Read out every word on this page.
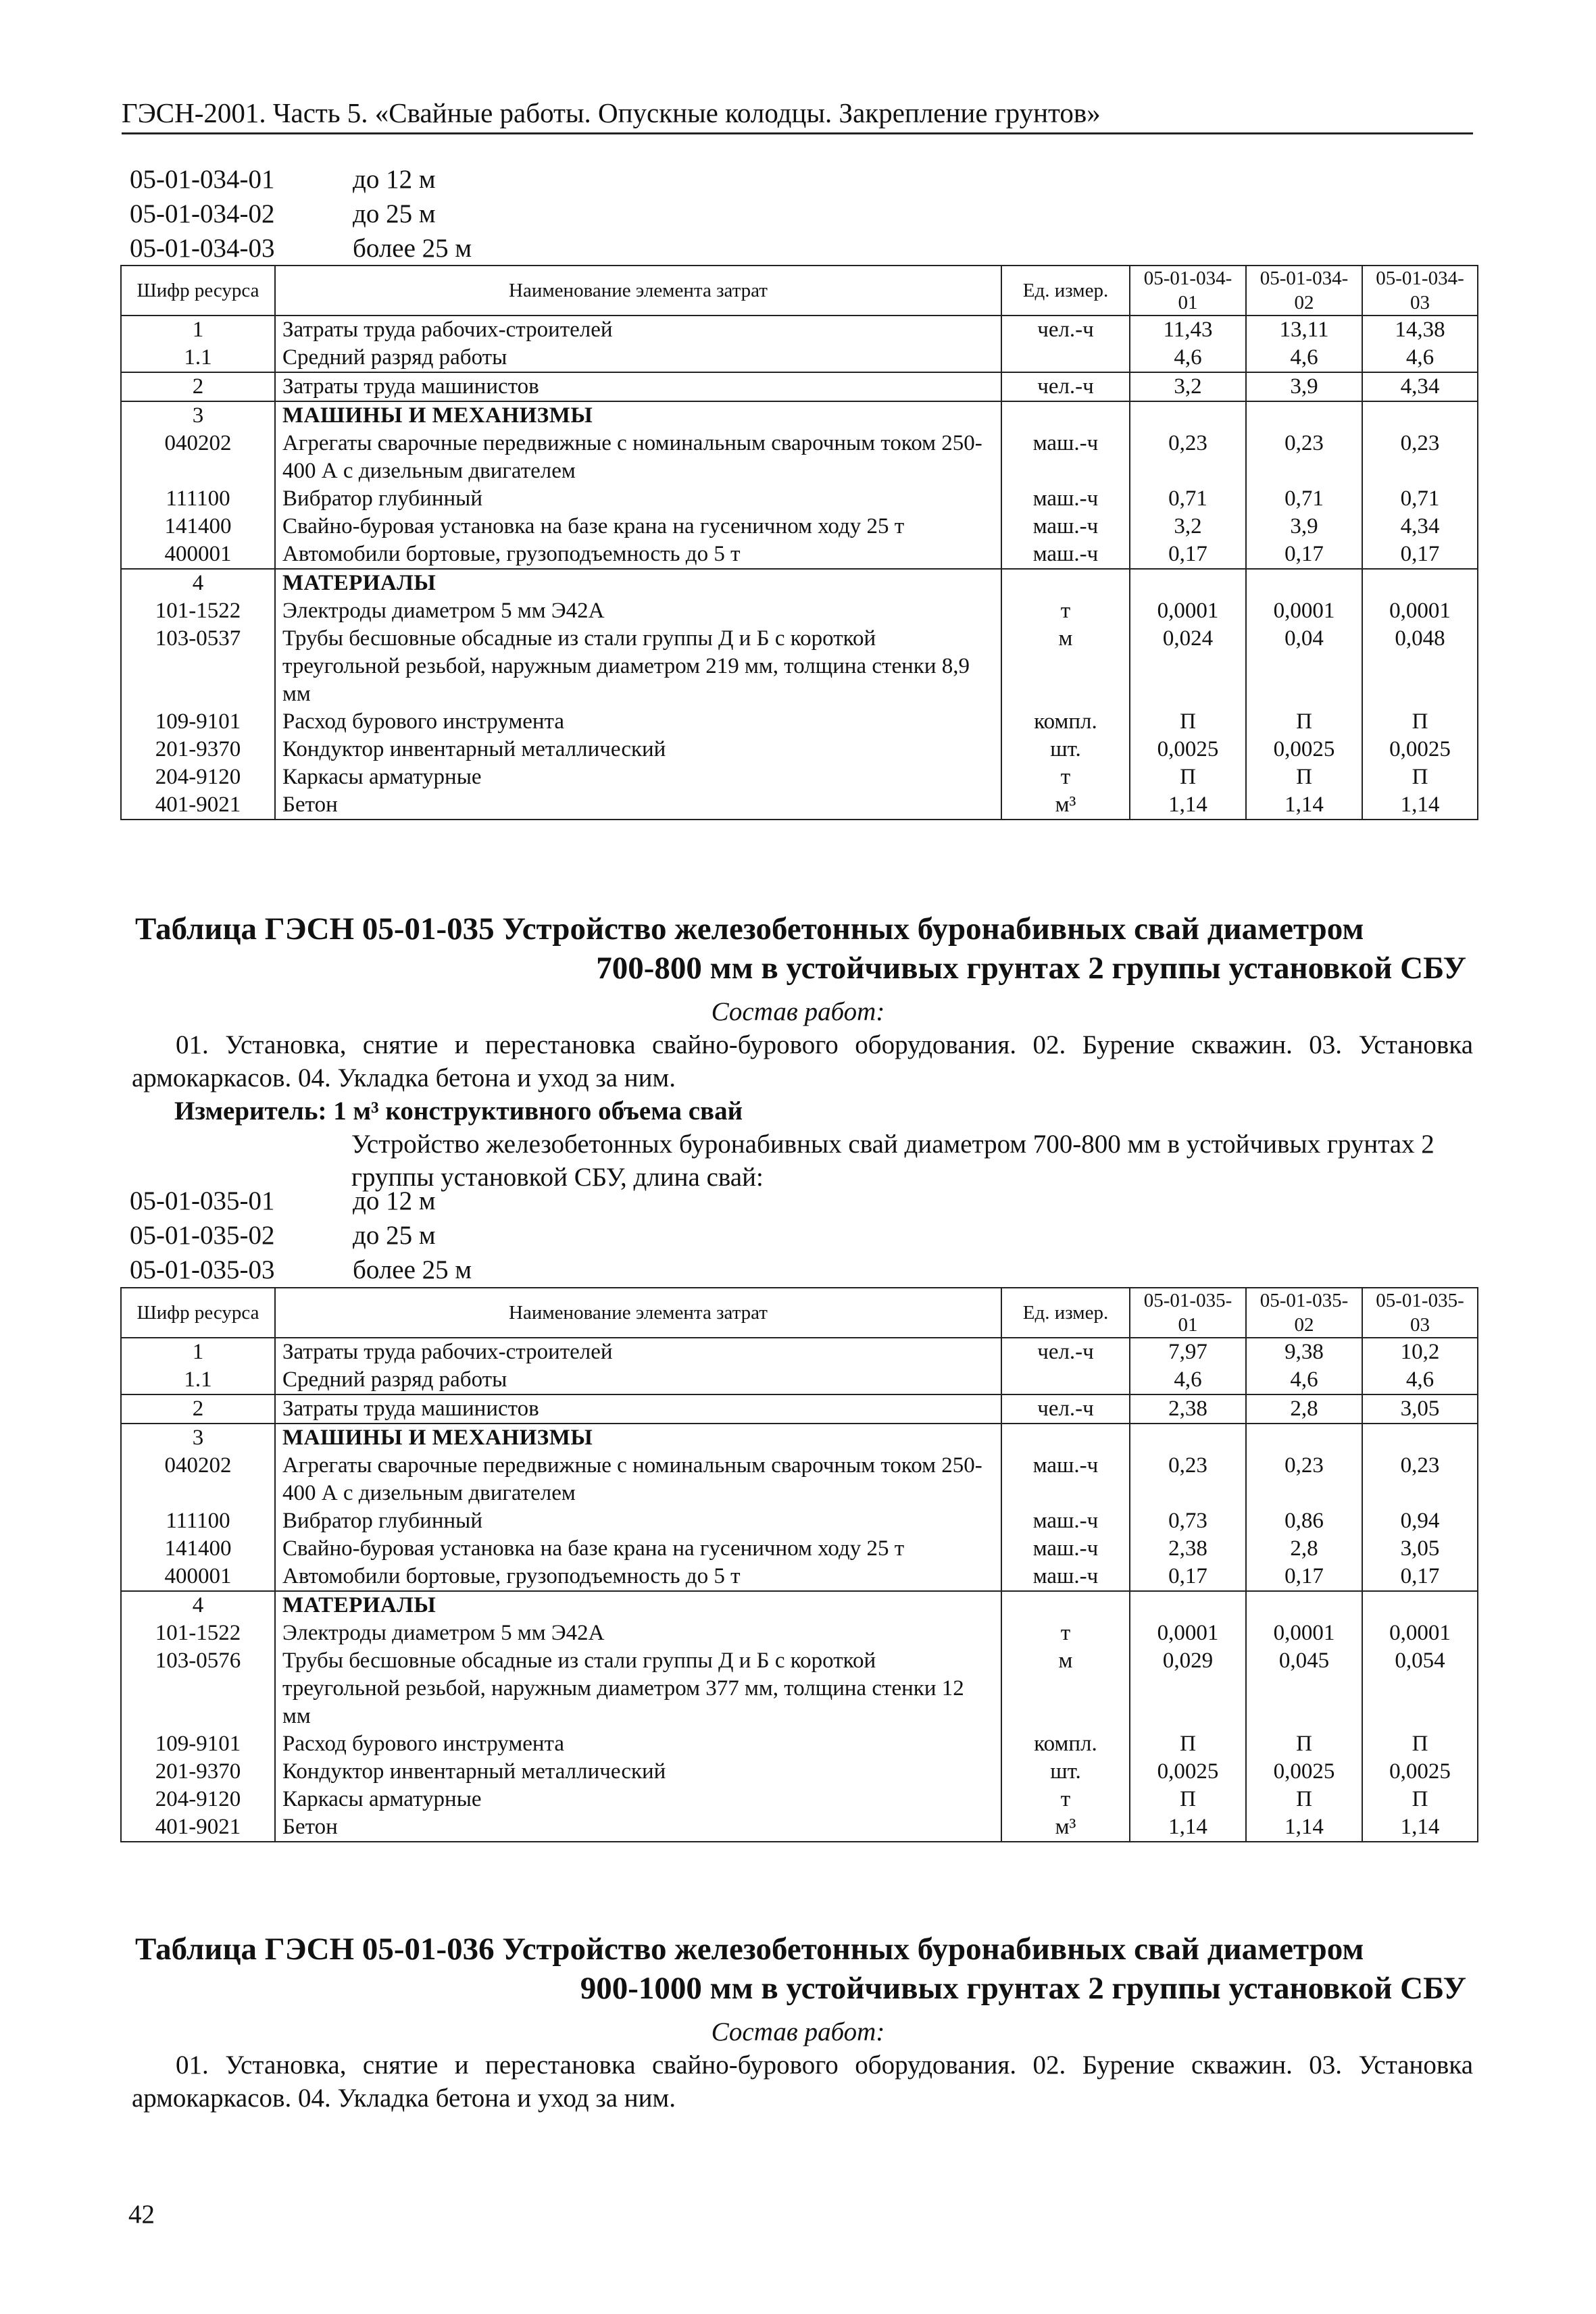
ГЭСН-2001. Часть 5. «Свайные работы. Опускные колодцы. Закрепление грунтов»
05-01-034-01	до 12 м
05-01-034-02	до 25 м
05-01-034-03	более 25 м
Шифр ресурса	Наименование элемента затрат	Ед. измер.	05-01-034-01	05-01-034-02	05-01-034-03
1	Затраты труда рабочих-строителей	чел.-ч	11,43	13,11	14,38
1.1	Средний разряд работы		4,6	4,6	4,6
2	Затраты труда машинистов	чел.-ч	3,2	3,9	4,34
3	МАШИНЫ И МЕХАНИЗМЫ				
040202	Агрегаты сварочные передвижные с номинальным сварочным током 250-400 А с дизельным двигателем	маш.-ч	0,23	0,23	0,23
111100	Вибратор глубинный	маш.-ч	0,71	0,71	0,71
141400	Свайно-буровая установка на базе крана на гусеничном ходу 25 т	маш.-ч	3,2	3,9	4,34
400001	Автомобили бортовые, грузоподъемность до 5 т	маш.-ч	0,17	0,17	0,17
4	МАТЕРИАЛЫ				
101-1522	Электроды диаметром 5 мм Э42А	т	0,0001	0,0001	0,0001
103-0537	Трубы бесшовные обсадные из стали группы Д и Б с короткой треугольной резьбой, наружным диаметром 219 мм, толщина стенки 8,9 мм	м	0,024	0,04	0,048
109-9101	Расход бурового инструмента	компл.	П	П	П
201-9370	Кондуктор инвентарный металлический	шт.	0,0025	0,0025	0,0025
204-9120	Каркасы арматурные	т	П	П	П
401-9021	Бетон	м³	1,14	1,14	1,14
Таблица ГЭСН 05-01-035 Устройство железобетонных буронабивных свай диаметром
700-800 мм в устойчивых грунтах 2 группы установкой СБУ
Состав работ:
01. Установка, снятие и перестановка свайно-бурового оборудования. 02. Бурение скважин. 03. Установка армокаркасов. 04. Укладка бетона и уход за ним.
Измеритель: 1 м³ конструктивного объема свай
Устройство железобетонных буронабивных свай диаметром 700-800 мм в устойчивых грунтах 2 группы установкой СБУ, длина свай:
05-01-035-01	до 12 м
05-01-035-02	до 25 м
05-01-035-03	более 25 м
Шифр ресурса	Наименование элемента затрат	Ед. измер.	05-01-035-01	05-01-035-02	05-01-035-03
1	Затраты труда рабочих-строителей	чел.-ч	7,97	9,38	10,2
1.1	Средний разряд работы		4,6	4,6	4,6
2	Затраты труда машинистов	чел.-ч	2,38	2,8	3,05
3	МАШИНЫ И МЕХАНИЗМЫ				
040202	Агрегаты сварочные передвижные с номинальным сварочным током 250-400 А с дизельным двигателем	маш.-ч	0,23	0,23	0,23
111100	Вибратор глубинный	маш.-ч	0,73	0,86	0,94
141400	Свайно-буровая установка на базе крана на гусеничном ходу 25 т	маш.-ч	2,38	2,8	3,05
400001	Автомобили бортовые, грузоподъемность до 5 т	маш.-ч	0,17	0,17	0,17
4	МАТЕРИАЛЫ				
101-1522	Электроды диаметром 5 мм Э42А	т	0,0001	0,0001	0,0001
103-0576	Трубы бесшовные обсадные из стали группы Д и Б с короткой треугольной резьбой, наружным диаметром 377 мм, толщина стенки 12 мм	м	0,029	0,045	0,054
109-9101	Расход бурового инструмента	компл.	П	П	П
201-9370	Кондуктор инвентарный металлический	шт.	0,0025	0,0025	0,0025
204-9120	Каркасы арматурные	т	П	П	П
401-9021	Бетон	м³	1,14	1,14	1,14
Таблица ГЭСН 05-01-036 Устройство железобетонных буронабивных свай диаметром
900-1000 мм в устойчивых грунтах 2 группы установкой СБУ
Состав работ:
01. Установка, снятие и перестановка свайно-бурового оборудования. 02. Бурение скважин. 03. Установка армокаркасов. 04. Укладка бетона и уход за ним.
42
